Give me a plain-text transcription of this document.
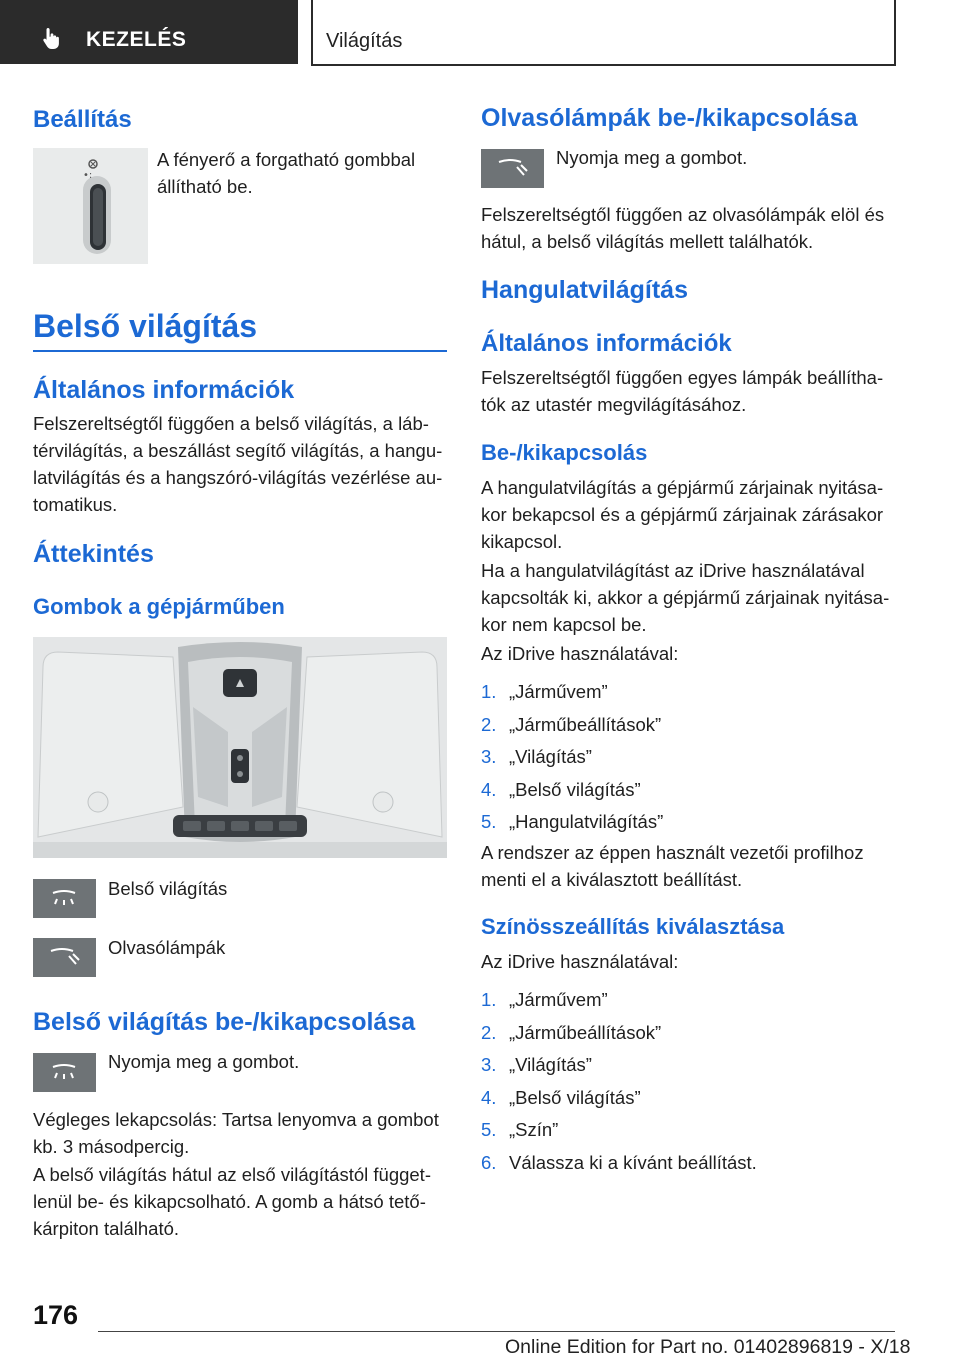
KEZELÉS	Világítás
Beállítás
•:
A fényerő a forgatható gombbal állítható be.
Belső világítás
Általános információk
Felszereltségtől függően a belső világítás, a lábtérvilágítás, a beszállást segítő világítás, a hangulatvilágítás és a hangszóró-világítás vezérlése automatikus.
Áttekintés
Gombok a gépjárműben
Belső világítás
Olvasólámpák
Belső világítás be-/kikapcsolása
Nyomja meg a gombot.
Végleges lekapcsolás: Tartsa lenyomva a gombot kb. 3 másodpercig.
A belső világítás hátul az első világítástól függetlenül be- és kikapcsolható. A gomb a hátsó tetőkárpiton található.
Olvasólámpák be-/kikapcsolása
Nyomja meg a gombot.
Felszereltségtől függően az olvasólámpák elöl és hátul, a belső világítás mellett találhatók.
Hangulatvilágítás
Általános információk
Felszereltségtől függően egyes lámpák beállíthatók az utastér megvilágításához.
Be-/kikapcsolás
A hangulatvilágítás a gépjármű zárjainak nyitásakor bekapcsol és a gépjármű zárjainak zárásakor kikapcsol.
Ha a hangulatvilágítást az iDrive használatával kapcsolták ki, akkor a gépjármű zárjainak nyitásakor nem kapcsol be.
Az iDrive használatával:
1. „Járművem”
2. „Járműbeállítások”
3. „Világítás”
4. „Belső világítás”
5. „Hangulatvilágítás”
A rendszer az éppen használt vezetői profilhoz menti el a kiválasztott beállítást.
Színösszeállítás kiválasztása
Az iDrive használatával:
1. „Járművem”
2. „Járműbeállítások”
3. „Világítás”
4. „Belső világítás”
5. „Szín”
6. Válassza ki a kívánt beállítást.
176
Online Edition for Part no. 01402896819 - X/18
